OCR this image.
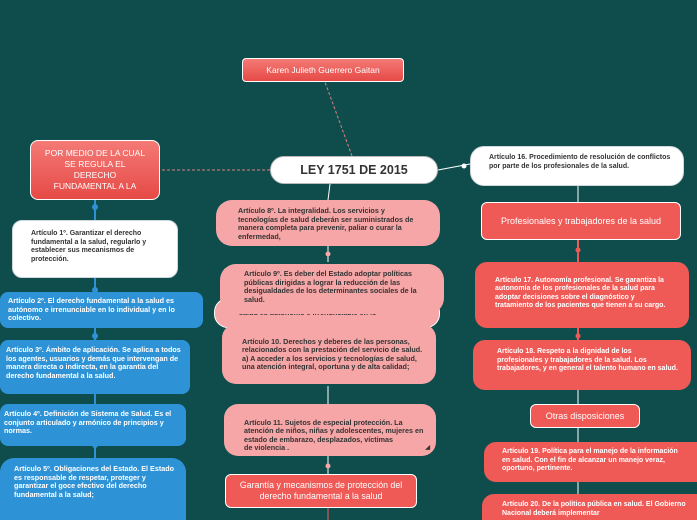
Karen Julieth Guerrero Gaitan
LEY 1751 DE 2015
POR MEDIO DE LA CUAL SE REGULA EL DERECHO FUNDAMENTAL A LA
Artículo 1º. Garantizar el derecho fundamental a la salud, regularlo y establecer sus mecanismos de protección.
Artículo 2º. El derecho fundamental a la salud es autónomo e irrenunciable en lo individual y en lo colectivo.
Artículo 3º. Ámbito de aplicación. Se aplica a todos los agentes, usuarios y demás que intervengan de manera directa o indirecta, en la garantía del derecho fundamental a la salud.
Artículo 4º. Definición de Sistema de Salud. Es el conjunto articulado y armónico de principios y normas.
Artículo 5º. Obligaciones del Estado. El Estado es responsable de respetar, proteger y garantizar el goce efectivo del derecho fundamental a la salud;
Artículo 8º. La integralidad. Los servicios y tecnologías de salud deberán ser suministrados de manera completa para prevenir, paliar o curar la enfermedad,
Artículo 9º. Es deber del Estado adoptar políticas públicas dirigidas a lograr la reducción de las desigualdades de los determinantes sociales de la salud.

Artículo 10. Derechos y deberes de las personas, relacionados con la prestación del servicio de salud.
a) A acceder a los servicios y tecnologías de salud, una atención integral, oportuna y de alta calidad;

Artículo 11. Sujetos de especial protección. La atención de niños, niñas y adolescentes, mujeres en estado de embarazo, desplazados, víctimas
de violencia .	◢

Garantía y mecanismos de protección del derecho fundamental a la salud
Artículo 16. Procedimiento de resolución de conflictos por parte de los profesionales de la salud.
Profesionales y trabajadores de la salud

Artículo 17. Autonomía profesional. Se garantiza la autonomía de los profesionales de la salud para adoptar decisiones sobre el diagnóstico y
tratamiento de los pacientes que tienen a su cargo.

Artículo 18. Respeto a la dignidad de los profesionales y trabajadores de la salud. Los trabajadores, y en general el talento humano en salud.
Otras disposiciones
Artículo 19. Política para el manejo de la información en salud. Con el fin de alcanzar un manejo veraz, oportuno, pertinente.
Artículo 20. De la política pública en salud. El Gobierno Nacional deberá implementar
